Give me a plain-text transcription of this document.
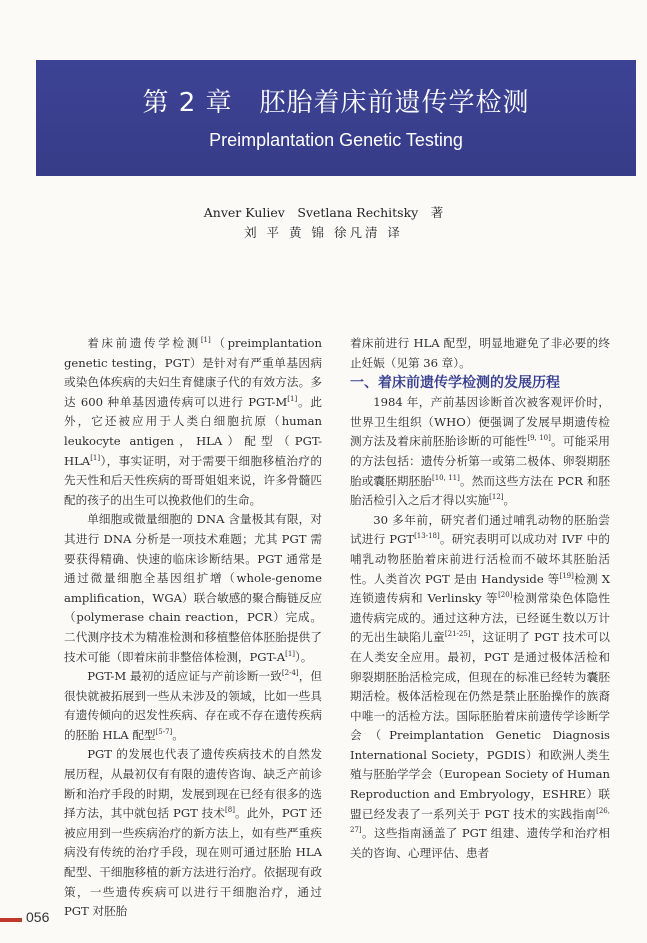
第 2 章　胚胎着床前遗传学检测
Preimplantation Genetic Testing
Anver Kuliev　Svetlana Rechitsky　著
刘 平 黄 锦 徐凡清 译

着床前遗传学检测[1]（preimplantation genetic testing，PGT）是针对有严重单基因病或染色体疾病的夫妇生育健康子代的有效方法。多达 600 种单基因遗传病可以进行 PGT-M[1]。此外，它还被应用于人类白细胞抗原（human leukocyte antigen，HLA）配型（PGT-HLA[1]），事实证明，对于需要干细胞移植治疗的先天性和后天性疾病的哥哥姐姐来说，许多骨髓匹配的孩子的出生可以挽救他们的生命。

单细胞或微量细胞的 DNA 含量极其有限，对其进行 DNA 分析是一项技术难题；尤其 PGT 需要获得精确、快速的临床诊断结果。PGT 通常是通过微量细胞全基因组扩增（whole-genome amplification，WGA）联合敏感的聚合酶链反应（polymerase chain reaction，PCR）完成。二代测序技术为精准检测和移植整倍体胚胎提供了技术可能（即着床前非整倍体检测，PGT-A[1]）。

PGT-M 最初的适应证与产前诊断一致[2-4]，但很快就被拓展到一些从未涉及的领域，比如一些具有遗传倾向的迟发性疾病、存在或不存在遗传疾病的胚胎 HLA 配型[5-7]。

PGT 的发展也代表了遗传疾病技术的自然发展历程，从最初仅有有限的遗传咨询、缺乏产前诊断和治疗手段的时期，发展到现在已经有很多的选择方法，其中就包括 PGT 技术[8]。此外，PGT 还被应用到一些疾病治疗的新方法上，如有些严重疾病没有传统的治疗手段，现在则可通过胚胎 HLA 配型、干细胞移植的新方法进行治疗。依据现有政策，一些遗传疾病可以进行干细胞治疗，通过 PGT 对胚胎

着床前进行 HLA 配型，明显地避免了非必要的终止妊娠（见第 36 章）。

一、着床前遗传学检测的发展历程

1984 年，产前基因诊断首次被客观评价时，世界卫生组织（WHO）便强调了发展早期遗传检测方法及着床前胚胎诊断的可能性[9, 10]。可能采用的方法包括：遗传分析第一或第二极体、卵裂期胚胎或囊胚期胚胎[10, 11]。然而这些方法在 PCR 和胚胎活检引入之后才得以实施[12]。

30 多年前，研究者们通过哺乳动物的胚胎尝试进行 PGT[13-18]。研究表明可以成功对 IVF 中的哺乳动物胚胎着床前进行活检而不破坏其胚胎活性。人类首次 PGT 是由 Handyside 等[19]检测 X 连锁遗传病和 Verlinsky 等[20]检测常染色体隐性遗传病完成的。通过这种方法，已经诞生数以万计的无出生缺陷儿童[21-25]，这证明了 PGT 技术可以在人类安全应用。最初，PGT 是通过极体活检和卵裂期胚胎活检完成，但现在的标准已经转为囊胚期活检。极体活检现在仍然是禁止胚胎操作的族裔中唯一的活检方法。国际胚胎着床前遗传学诊断学会（Preimplantation Genetic Diagnosis International Society，PGDIS）和欧洲人类生殖与胚胎学学会（European Society of Human Reproduction and Embryology，ESHRE）联盟已经发表了一系列关于 PGT 技术的实践指南[26, 27]。这些指南涵盖了 PGT 组建、遗传学和治疗相关的咨询、心理评估、患者

056
